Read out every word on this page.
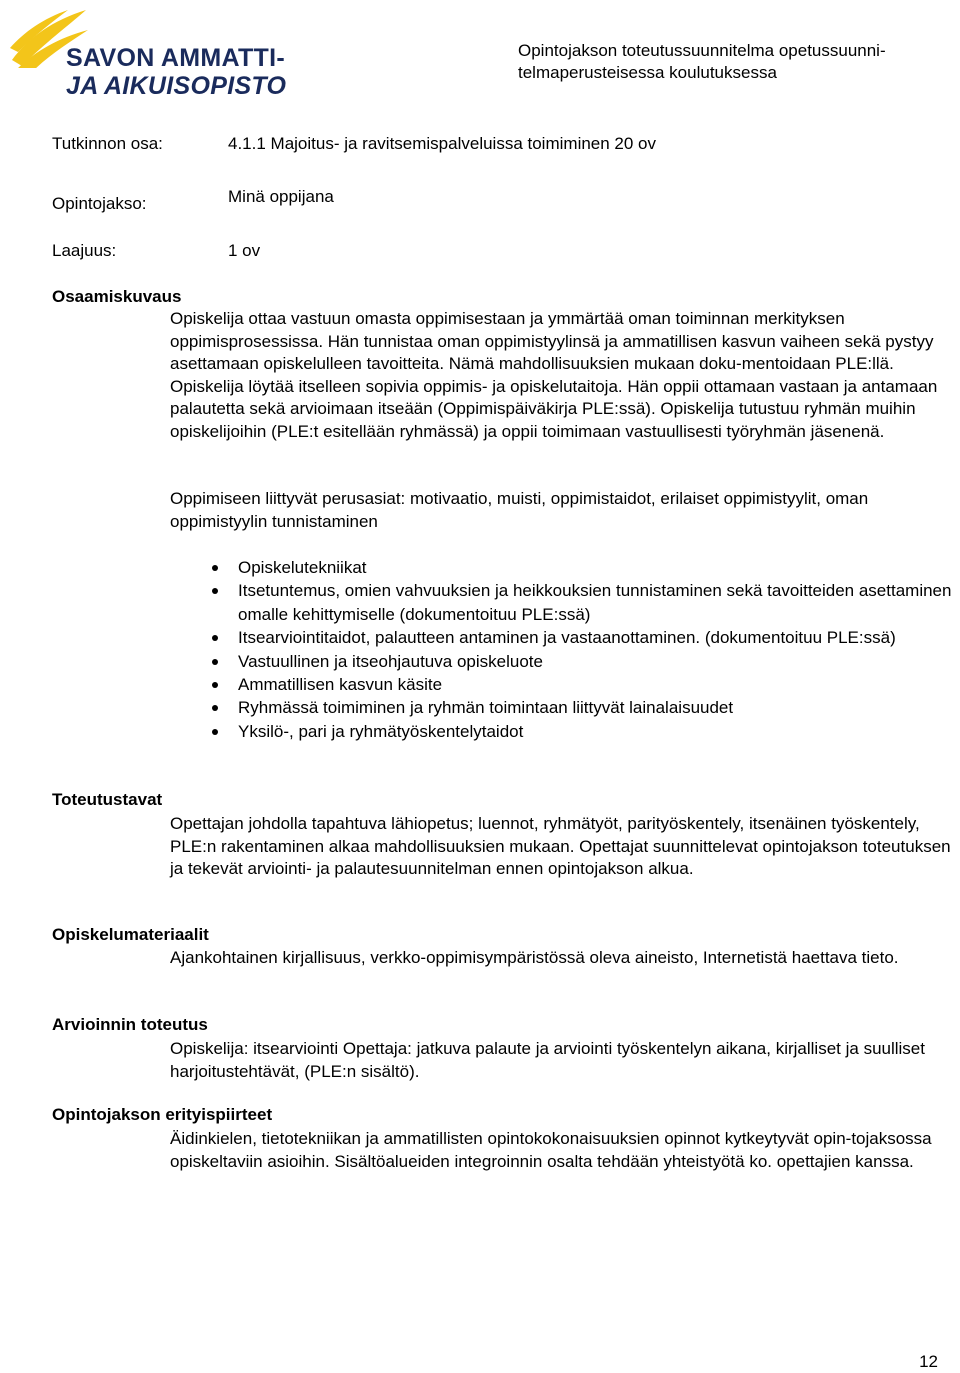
SAVON AMMATTI-
JA AIKUISOPISTO
Opintojakson toteutussuunnitelma opetussuunni-telmaperusteisessa koulutuksessa
Tutkinnon osa:	4.1.1 Majoitus- ja ravitsemispalveluissa toimiminen 20 ov
Opintojakso:	Minä oppijana
Laajuus:	1 ov
Osaamiskuvaus
Opiskelija ottaa vastuun omasta oppimisestaan ja ymmärtää oman toiminnan merkityksen oppimisprosessissa. Hän tunnistaa oman oppimistyylinsä ja ammatillisen kasvun vaiheen sekä pystyy asettamaan opiskelulleen tavoitteita. Nämä mahdollisuuksien mukaan doku-mentoidaan PLE:llä. Opiskelija löytää itselleen sopivia oppimis- ja opiskelutaitoja. Hän oppii ottamaan vastaan ja antamaan palautetta sekä arvioimaan itseään (Oppimispäiväkirja PLE:ssä). Opiskelija tutustuu ryhmän muihin opiskelijoihin (PLE:t esitellään ryhmässä) ja oppii toimimaan vastuullisesti työryhmän jäsenenä.
Oppimiseen liittyvät perusasiat: motivaatio, muisti, oppimistaidot, erilaiset oppimistyylit, oman oppimistyylin tunnistaminen
Opiskelutekniikat
Itsetuntemus, omien vahvuuksien ja heikkouksien tunnistaminen sekä tavoitteiden asettaminen omalle kehittymiselle (dokumentoituu PLE:ssä)
Itsearviointitaidot, palautteen antaminen ja vastaanottaminen. (dokumentoituu PLE:ssä)
Vastuullinen ja itseohjautuva opiskeluote
Ammatillisen kasvun käsite
Ryhmässä toimiminen ja ryhmän toimintaan liittyvät lainalaisuudet
Yksilö-, pari ja ryhmätyöskentelytaidot
Toteutustavat
Opettajan johdolla tapahtuva lähiopetus; luennot, ryhmätyöt, parityöskentely, itsenäinen työskentely, PLE:n rakentaminen alkaa mahdollisuuksien mukaan. Opettajat suunnittelevat opintojakson toteutuksen ja tekevät arviointi- ja palautesuunnitelman ennen opintojakson alkua.
Opiskelumateriaalit
Ajankohtainen kirjallisuus, verkko-oppimisympäristössä oleva aineisto, Internetistä haettava tieto.
Arvioinnin toteutus
Opiskelija: itsearviointi Opettaja: jatkuva palaute ja arviointi työskentelyn aikana, kirjalliset ja suulliset harjoitustehtävät, (PLE:n sisältö).
Opintojakson erityispiirteet
Äidinkielen, tietotekniikan ja ammatillisten opintokokonaisuuksien opinnot kytkeytyvät opin-tojaksossa opiskeltaviin asioihin. Sisältöalueiden integroinnin osalta tehdään yhteistyötä ko. opettajien kanssa.
12
